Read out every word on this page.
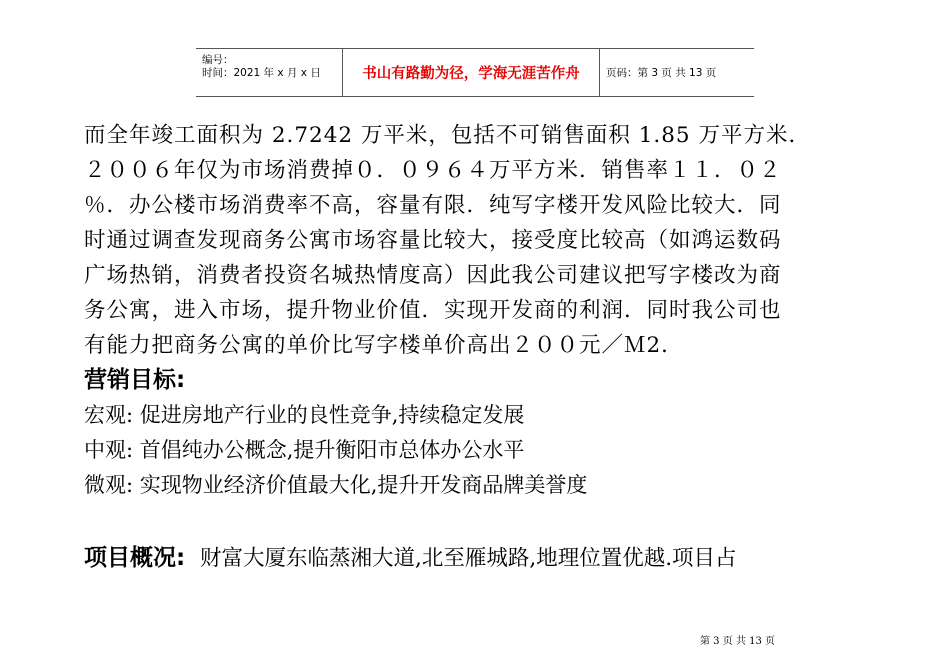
编号：
时间：2021 年 x 月 x 日	书山有路勤为径，学海无涯苦作舟	页码：第 3 页 共 13 页
而全年竣工面积为 2.7242 万平米，包括不可销售面积 1.85 万平方米．
２００６年仅为市场消费掉０．０９６４万平方米．销售率１１．０２
％．办公楼市场消费率不高，容量有限．纯写字楼开发风险比较大．同
时通过调查发现商务公寓市场容量比较大，接受度比较高（如鸿运数码
广场热销，消费者投资名城热情度高）因此我公司建议把写字楼改为商
务公寓，进入市场，提升物业价值．实现开发商的利润．同时我公司也
有能力把商务公寓的单价比写字楼单价高出２００元／Ｍ2．
营销目标:
宏观: 促进房地产行业的良性竞争,持续稳定发展
中观: 首倡纯办公概念,提升衡阳市总体办公水平
微观: 实现物业经济价值最大化,提升开发商品牌美誉度
项目概况: 财富大厦东临蒸湘大道,北至雁城路,地理位置优越.项目占
第 3 页 共 13 页
